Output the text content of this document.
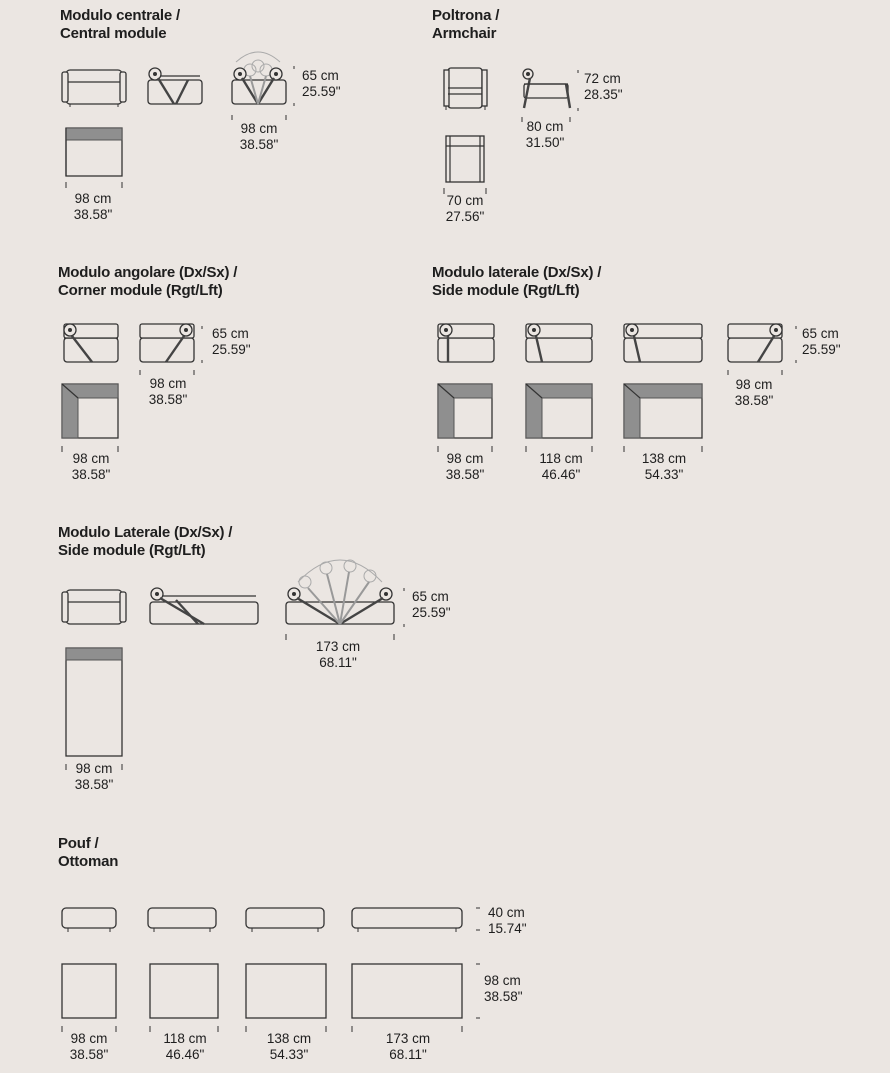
Modulo centrale /
Central module
65 cm
25.59"
98 cm
38.58"
98 cm
38.58"
Poltrona /
Armchair
72 cm
28.35"
80 cm
31.50"
70 cm
27.56"
Modulo angolare (Dx/Sx) /
Corner module (Rgt/Lft)
65 cm
25.59"
98 cm
38.58"
98 cm
38.58"
Modulo laterale (Dx/Sx) /
Side module (Rgt/Lft)
65 cm
25.59"
98 cm
38.58"
98 cm
38.58"
118 cm
46.46"
138 cm
54.33"
Modulo Laterale (Dx/Sx) /
Side module (Rgt/Lft)
65 cm
25.59"
173 cm
68.11"
98 cm
38.58"
Pouf /
Ottoman
40 cm
15.74"
98 cm
38.58"
98 cm
38.58"
118 cm
46.46"
138 cm
54.33"
173 cm
68.11"
